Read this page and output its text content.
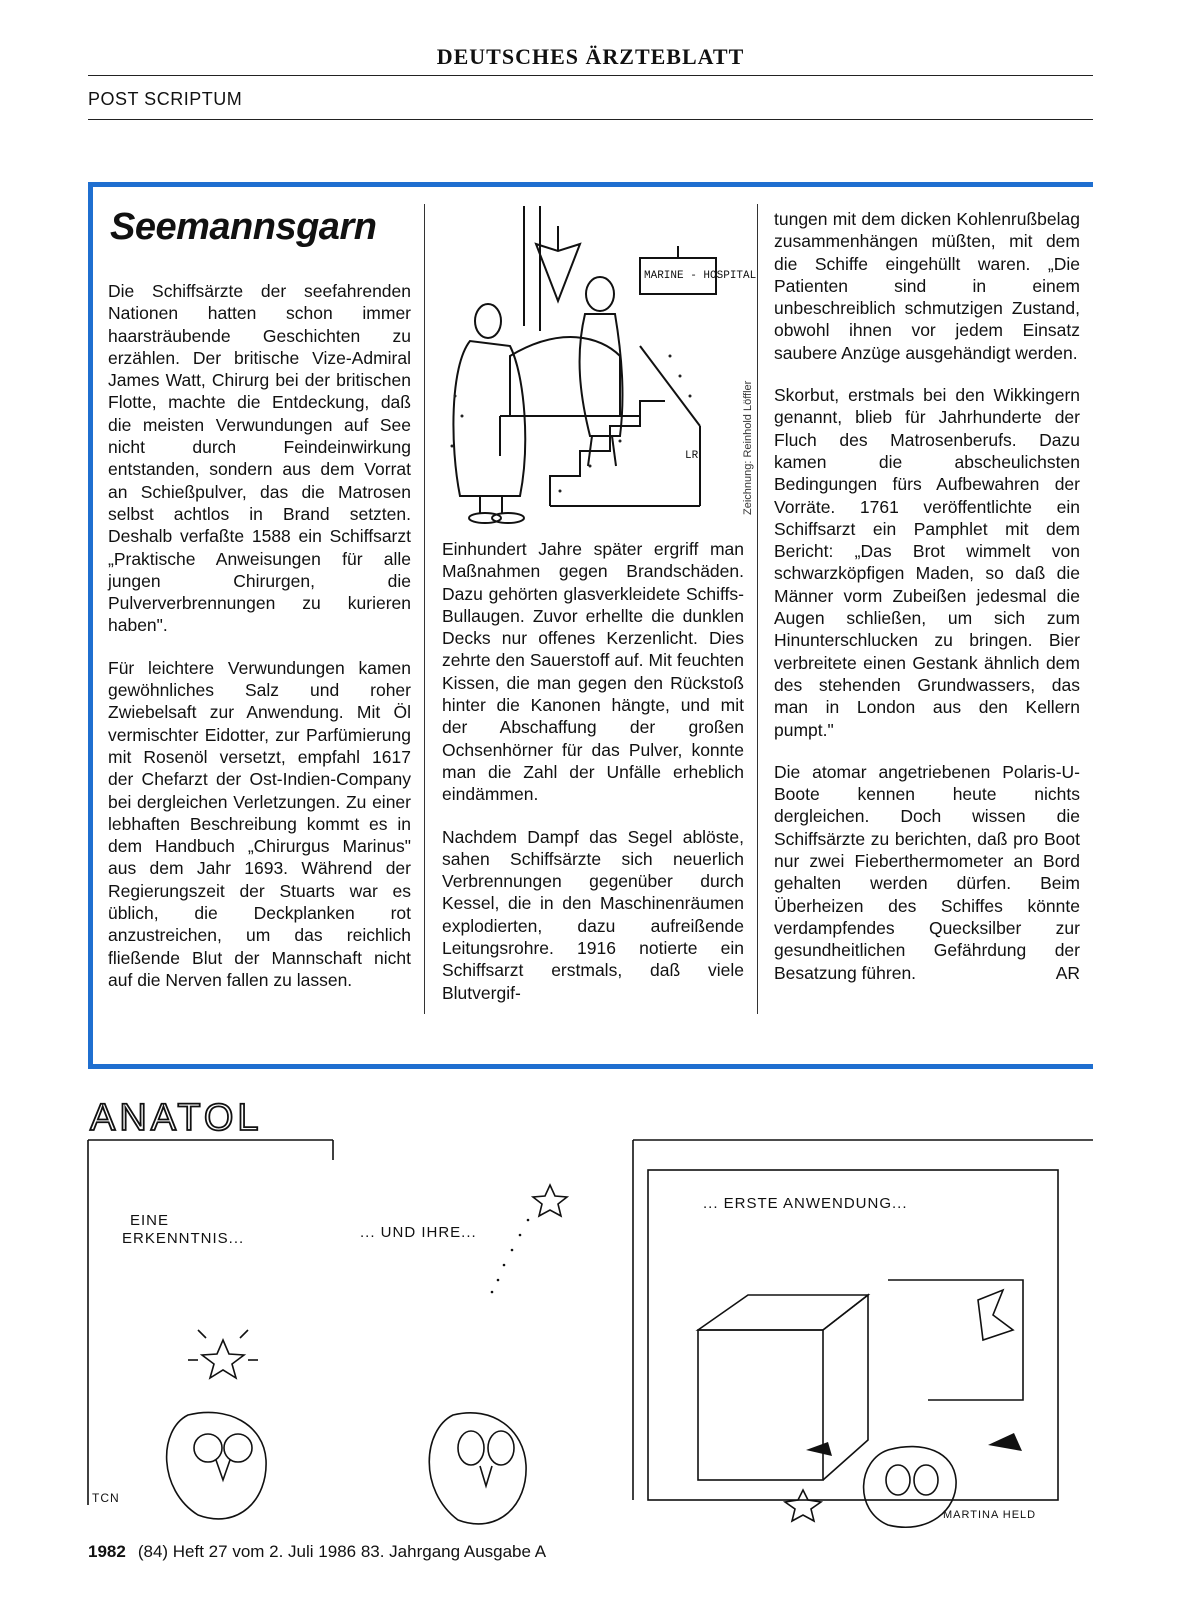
DEUTSCHES ÄRZTEBLATT
POST SCRIPTUM
Seemannsgarn

Die Schiffsärzte der seefahrenden Nationen hatten schon immer haarsträubende Geschichten zu erzählen. Der britische Vize-Admiral James Watt, Chirurg bei der britischen Flotte, machte die Entdeckung, daß die meisten Verwundungen auf See nicht durch Feindeinwirkung entstanden, sondern aus dem Vorrat an Schießpulver, das die Matrosen selbst achtlos in Brand setzten. Deshalb verfaßte 1588 ein Schiffsarzt „Praktische Anweisungen für alle jungen Chirurgen, die Pulververbrennungen zu kurieren haben".

Für leichtere Verwundungen kamen gewöhnliches Salz und roher Zwiebelsaft zur Anwendung. Mit Öl vermischter Eidotter, zur Parfümierung mit Rosenöl versetzt, empfahl 1617 der Chefarzt der Ost-Indien-Company bei dergleichen Verletzungen. Zu einer lebhaften Beschreibung kommt es in dem Handbuch „Chirurgus Marinus" aus dem Jahr 1693. Während der Regierungszeit der Stuarts war es üblich, die Deckplanken rot anzustreichen, um das reichlich fließende Blut der Mannschaft nicht auf die Nerven fallen zu lassen.

MARINE - HOSPITAL
LR	Zeichnung: Reinhold Löffler

Einhundert Jahre später ergriff man Maßnahmen gegen Brandschäden. Dazu gehörten glasverkleidete Schiffs-Bullaugen. Zuvor erhellte die dunklen Decks nur offenes Kerzenlicht. Dies zehrte den Sauerstoff auf. Mit feuchten Kissen, die man gegen den Rückstoß hinter die Kanonen hängte, und mit der Abschaffung der großen Ochsenhörner für das Pulver, konnte man die Zahl der Unfälle erheblich eindämmen.

Nachdem Dampf das Segel ablöste, sahen Schiffsärzte sich neuerlich Verbrennungen gegenüber durch Kessel, die in den Maschinenräumen explodierten, dazu aufreißende Leitungsrohre. 1916 notierte ein Schiffsarzt erstmals, daß viele Blutvergif-

tungen mit dem dicken Kohlenrußbelag zusammenhängen müßten, mit dem die Schiffe eingehüllt waren. „Die Patienten sind in einem unbeschreiblich schmutzigen Zustand, obwohl ihnen vor jedem Einsatz saubere Anzüge ausgehändigt werden.

Skorbut, erstmals bei den Wikkingern genannt, blieb für Jahrhunderte der Fluch des Matrosenberufs. Dazu kamen die abscheulichsten Bedingungen fürs Aufbewahren der Vorräte. 1761 veröffentlichte ein Schiffsarzt ein Pamphlet mit dem Bericht: „Das Brot wimmelt von schwarzköpfigen Maden, so daß die Männer vorm Zubeißen jedesmal die Augen schließen, um sich zum Hinunterschlucken zu bringen. Bier verbreitete einen Gestank ähnlich dem des stehenden Grundwassers, das man in London aus den Kellern pumpt."

Die atomar angetriebenen Polaris-U-Boote kennen heute nichts dergleichen. Doch wissen die Schiffsärzte zu berichten, daß pro Boot nur zwei Fieberthermometer an Bord gehalten werden dürfen. Beim Überheizen des Schiffes könnte verdampfendes Quecksilber zur gesundheitlichen Gefährdung der Besatzung führen.	AR

ANATOL
EINE
ERKENNTNIS...
TCN
... UND IHRE...
... ERSTE ANWENDUNG...
MARTINA HELD
1982 (84) Heft 27 vom 2. Juli 1986 83. Jahrgang Ausgabe A
